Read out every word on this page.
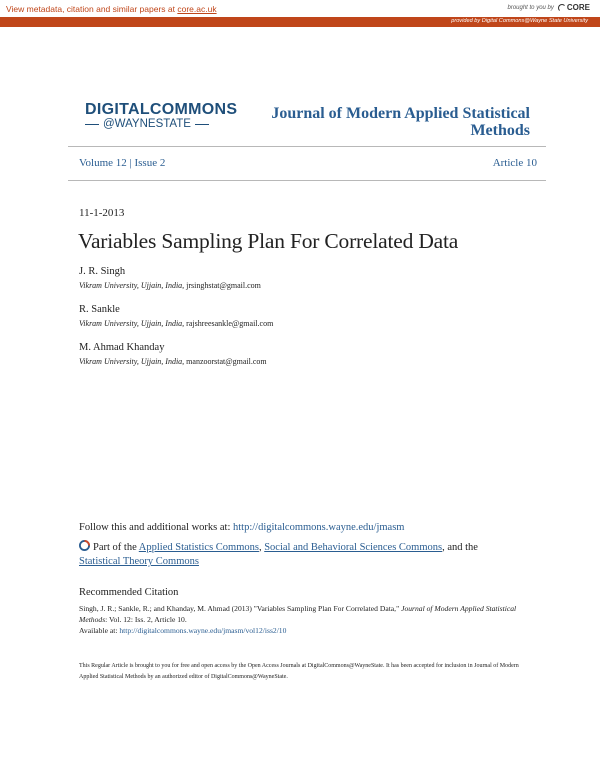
View metadata, citation and similar papers at core.ac.uk	brought to you by CORE
provided by Digital Commons@Wayne State University
DIGITALCOMMONS
@WAYNESTATE
Journal of Modern Applied Statistical
Methods
Volume 12 | Issue 2	Article 10
11-1-2013
Variables Sampling Plan For Correlated Data
J. R. Singh
Vikram University, Ujjain, India, jrsinghstat@gmail.com
R. Sankle
Vikram University, Ujjain, India, rajshreesankle@gmail.com
M. Ahmad Khanday
Vikram University, Ujjain, India, manzoorstat@gmail.com
Follow this and additional works at: http://digitalcommons.wayne.edu/jmasm
Part of the Applied Statistics Commons, Social and Behavioral Sciences Commons, and the
Statistical Theory Commons
Recommended Citation
Singh, J. R.; Sankle, R.; and Khanday, M. Ahmad (2013) "Variables Sampling Plan For Correlated Data," Journal of Modern Applied Statistical Methods: Vol. 12: Iss. 2, Article 10.
Available at: http://digitalcommons.wayne.edu/jmasm/vol12/iss2/10
This Regular Article is brought to you for free and open access by the Open Access Journals at DigitalCommons@WayneState. It has been accepted for inclusion in Journal of Modern Applied Statistical Methods by an authorized editor of DigitalCommons@WayneState.
